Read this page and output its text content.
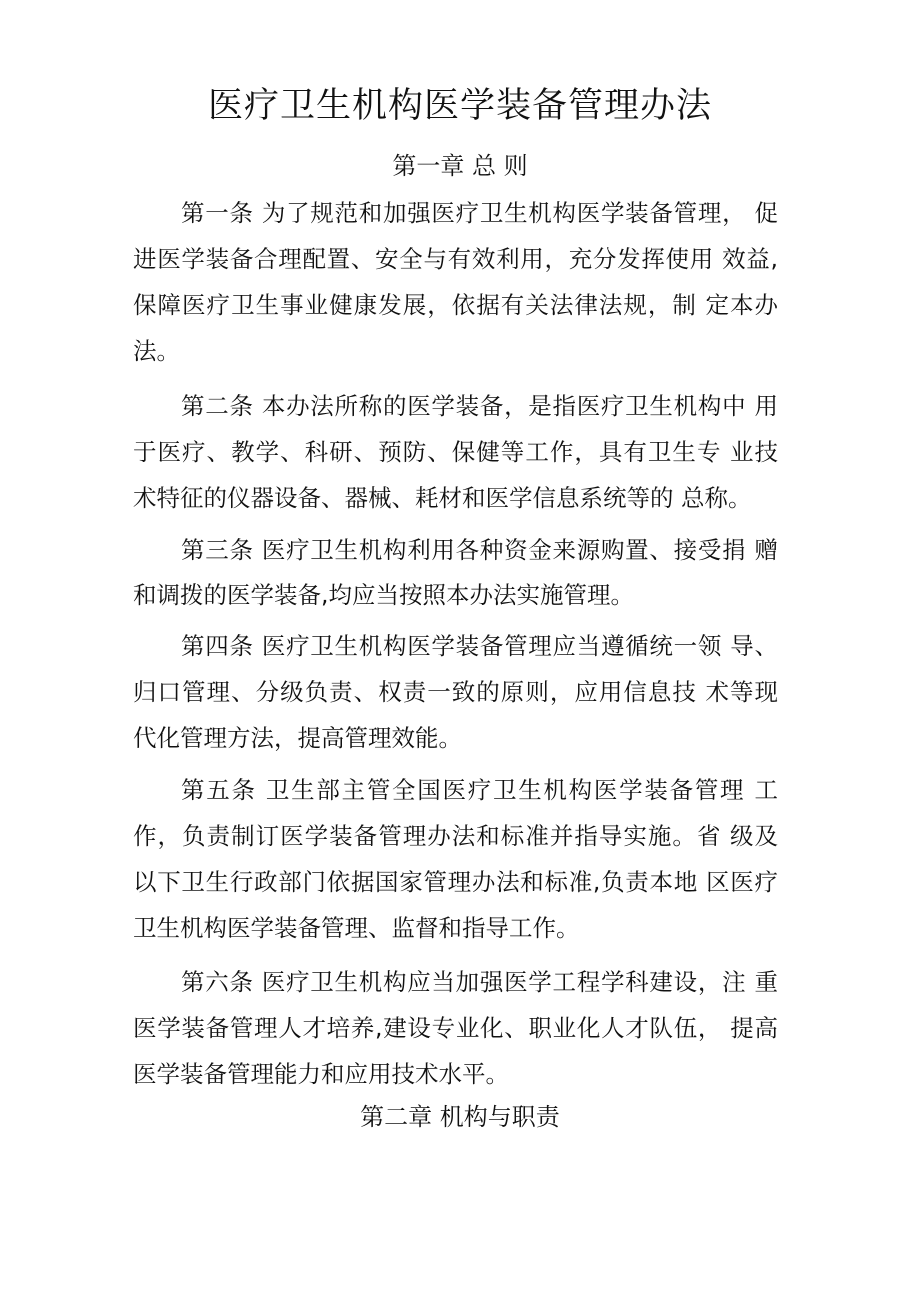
医疗卫生机构医学装备管理办法
第一章 总 则
第一条 为了规范和加强医疗卫生机构医学装备管理， 促
进医学装备合理配置、安全与有效利用，充分发挥使用 效益,
保障医疗卫生事业健康发展，依据有关法律法规，制 定本办
法。
第二条 本办法所称的医学装备，是指医疗卫生机构中 用
于医疗、教学、科研、预防、保健等工作，具有卫生专 业技
术特征的仪器设备、器械、耗材和医学信息系统等的 总称。
第三条 医疗卫生机构利用各种资金来源购置、接受捐 赠
和调拨的医学装备,均应当按照本办法实施管理。
第四条 医疗卫生机构医学装备管理应当遵循统一领 导、
归口管理、分级负责、权责一致的原则，应用信息技 术等现
代化管理方法，提高管理效能。
第五条 卫生部主管全国医疗卫生机构医学装备管理 工
作，负责制订医学装备管理办法和标准并指导实施。省 级及
以下卫生行政部门依据国家管理办法和标准,负责本地 区医疗
卫生机构医学装备管理、监督和指导工作。
第六条 医疗卫生机构应当加强医学工程学科建设，注 重
医学装备管理人才培养,建设专业化、职业化人才队伍， 提高
医学装备管理能力和应用技术水平。
第二章 机构与职责
